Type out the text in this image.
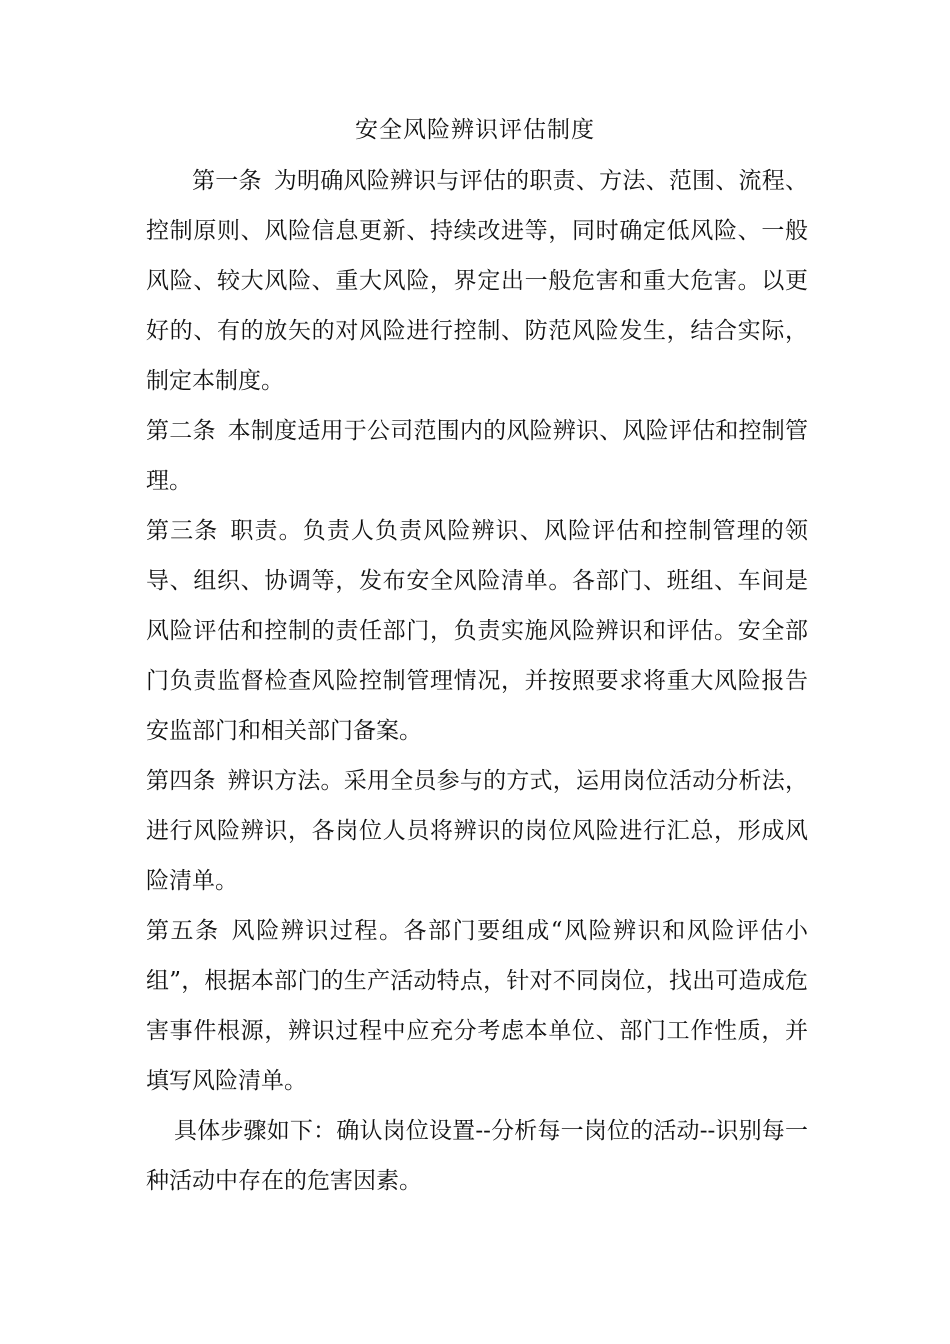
安全风险辨识评估制度

第一条 为明确风险辨识与评估的职责、方法、范围、流程、控制原则、风险信息更新、持续改进等，同时确定低风险、一般风险、较大风险、重大风险，界定出一般危害和重大危害。以更好的、有的放矢的对风险进行控制、防范风险发生，结合实际，制定本制度。

第二条 本制度适用于公司范围内的风险辨识、风险评估和控制管理。

第三条 职责。负责人负责风险辨识、风险评估和控制管理的领导、组织、协调等，发布安全风险清单。各部门、班组、车间是风险评估和控制的责任部门，负责实施风险辨识和评估。安全部门负责监督检查风险控制管理情况，并按照要求将重大风险报告安监部门和相关部门备案。

第四条 辨识方法。采用全员参与的方式，运用岗位活动分析法，进行风险辨识，各岗位人员将辨识的岗位风险进行汇总，形成风险清单。

第五条 风险辨识过程。各部门要组成“风险辨识和风险评估小组”，根据本部门的生产活动特点，针对不同岗位，找出可造成危害事件根源，辨识过程中应充分考虑本单位、部门工作性质，并填写风险清单。

具体步骤如下：确认岗位设置--分析每一岗位的活动--识别每一种活动中存在的危害因素。
